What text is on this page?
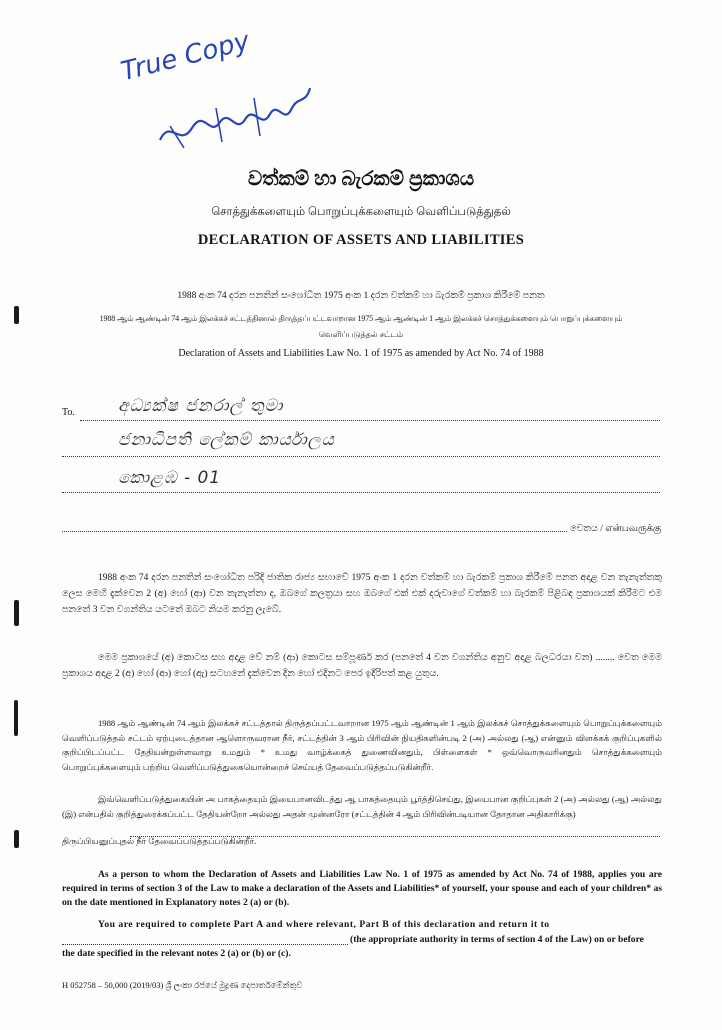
True Copy
වත්කම් හා බැරකම් ප්‍රකාශය
சொத்துக்களையும் பொறுப்புக்களையும் வெளிப்படுத்துதல்
DECLARATION OF ASSETS AND LIABILITIES
1988 අංක 74 දරන පනතින් සංශෝධිත 1975 අංක 1 දරන වත්කම් හා බැරකම් ප්‍රකාශ කිරීමේ පනත
1988 ஆம் ஆண்டின் 74 ஆம் இலக்கச் சட்டத்தினால் திருத்தப்பட்டவாறான 1975 ஆம் ஆண்டின் 1 ஆம் இலக்கச் சொத்துக்களையும் பொறுப்புக்களையும்
வெளிப்படுத்தல் சட்டம்
Declaration of Assets and Liabilities Law No. 1 of 1975 as amended by Act No. 74 of 1988
To.	අධ්‍යක්ෂ ජනරාල් තුමා
ජනාධිපති ලේකම් කාර්යාලය
කොළඹ - 01
වෙතය / என்பவருக்கு
1988 අංක 74 දරන පනතින් සංශෝධිත පරිදි ජාතික රාජ්‍ය සභාවේ 1975 අංක 1 දරන වත්කම් හා බැරකම් ප්‍රකාශ කිරීමේ පනත අදාළ වන තැනැත්තකු ලෙස මෙහි දැක්වෙන 2 (අ) හෝ (ආ) වන තැනැත්තා ද, ඔබගේ කලත්‍රයා සහ ඔබගේ එක් එක් දරුවාගේ වත්කම් හා බැරකම් පිළිබඳ ප්‍රකාශයක් කිරීමට එම පනතේ 3 වන වගන්තිය යටතේ ඔබට නියම කරනු ලැබේ.
මෙම ප්‍රකාශයේ (අ) කොටස සහ අදාළ වේ නම් (ආ) කොටස සම්පූර්ණ කර (පනතේ 4 වන වගන්තිය අනුව අදාළ බලධරයා වන) ........ වෙත මෙම ප්‍රකාශය අදාළ 2 (අ) හෝ (ආ) හෝ (ඇ) සටහනේ දැක්වෙන දින හෝ එදිනට පෙර ඉදිරිපත් කළ යුතුය.
1988 ஆம் ஆண்டின் 74 ஆம் இலக்கச் சட்டத்தால் திருத்தப்பட்டவாறான 1975 ஆம் ஆண்டின் 1 ஆம் இலக்கச் சொத்துக்களையும் பொறுப்புக்களையும் வெளிப்படுத்தல் சட்டம் ஏற்புடைத்தான ஆளொருவரான நீர், சட்டத்தின் 3 ஆம் பிரிவின் நியதிகளின்படி 2 (அ) அல்லது (ஆ) என்னும் விளக்கக் குறிப்புகளில் குறிப்பிடப்பட்ட தேதியன்றுள்ளவாறு உமதும் * உமது வாழ்க்கைத் துணைவினதும், பிள்ளைகள் * ஒவ்வொருவரினதும் சொத்துக்களையும் பொறுப்புக்களையும் பற்றிய வெளிப்படுத்துகையொன்றைச் செய்யத் தேவைப்படுத்தப்படுகின்றீர்.
இவ்வெளிப்படுத்துகையின் அ பாகத்தையும் இயைபானவிடத்து ஆ பாகத்தையும் பூர்த்திசெய்து, இயைபான குறிப்புகள் 2 (அ) அல்லது (ஆ) அல்லது (இ) என்பதில் குறித்துரைக்கப்பட்ட தேதியன்றோ அல்லது அதன் முன்னரோ (சட்டத்தின் 4 ஆம் பிரிவின்படியான தோதான அதிகாரிக்கு)
திருப்பியனுப்புதல் நீர் தேவைப்படுத்தப்படுகின்றீர்.
As a person to whom the Declaration of Assets and Liabilities Law No. 1 of 1975 as amended by Act No. 74 of 1988, applies you are required in terms of section 3 of the Law to make a declaration of the Assets and Liabilities* of yourself, your spouse and each of your children* as on the date mentioned in Explanatory notes 2 (a) or (b).
You are required to complete Part A and where relevant, Part B of this declaration and return it to
(the appropriate authority in terms of section 4 of the Law) on or before
the date specified in the relevant notes 2 (a) or (b) or (c).
H 052758 – 50,000 (2019/03) ශ්‍රී ලංකා රජයේ මුද්‍රණ දෙපාර්තමේන්තුව
